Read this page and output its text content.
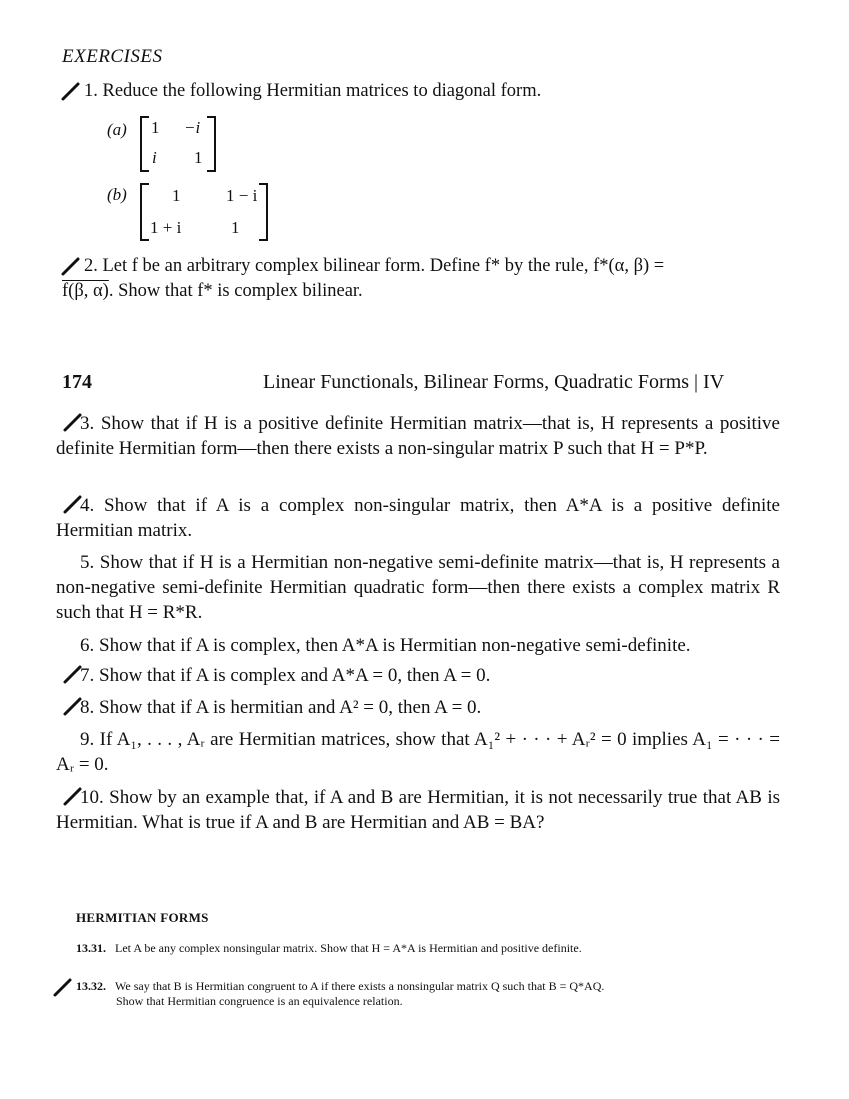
EXERCISES
1. Reduce the following Hermitian matrices to diagonal form.
(a) 1 −i
i 1
(b)	1	1 − i
1 + i	1
2. Let f be an arbitrary complex bilinear form. Define f* by the rule, f*(α, β) =
f(β, α). Show that f* is complex bilinear.
174	Linear Functionals, Bilinear Forms, Quadratic Forms | IV
3. Show that if H is a positive definite Hermitian matrix—that is, H represents a positive definite Hermitian form—then there exists a non-singular matrix P such that H = P*P.
4. Show that if A is a complex non-singular matrix, then A*A is a positive definite Hermitian matrix.
5. Show that if H is a Hermitian non-negative semi-definite matrix—that is, H represents a non-negative semi-definite Hermitian quadratic form—then there exists a complex matrix R such that H = R*R.
6. Show that if A is complex, then A*A is Hermitian non-negative semi-definite.
7. Show that if A is complex and A*A = 0, then A = 0.
8. Show that if A is hermitian and A² = 0, then A = 0.
9. If A₁, . . . , Aᵣ are Hermitian matrices, show that A₁² + · · · + Aᵣ² = 0 implies A₁ = · · · = Aᵣ = 0.
10. Show by an example that, if A and B are Hermitian, it is not necessarily true that AB is Hermitian. What is true if A and B are Hermitian and AB = BA?
HERMITIAN FORMS
13.31. Let A be any complex nonsingular matrix. Show that H = A*A is Hermitian and positive definite.
13.32. We say that B is Hermitian congruent to A if there exists a nonsingular matrix Q such that B = Q*AQ.
Show that Hermitian congruence is an equivalence relation.
